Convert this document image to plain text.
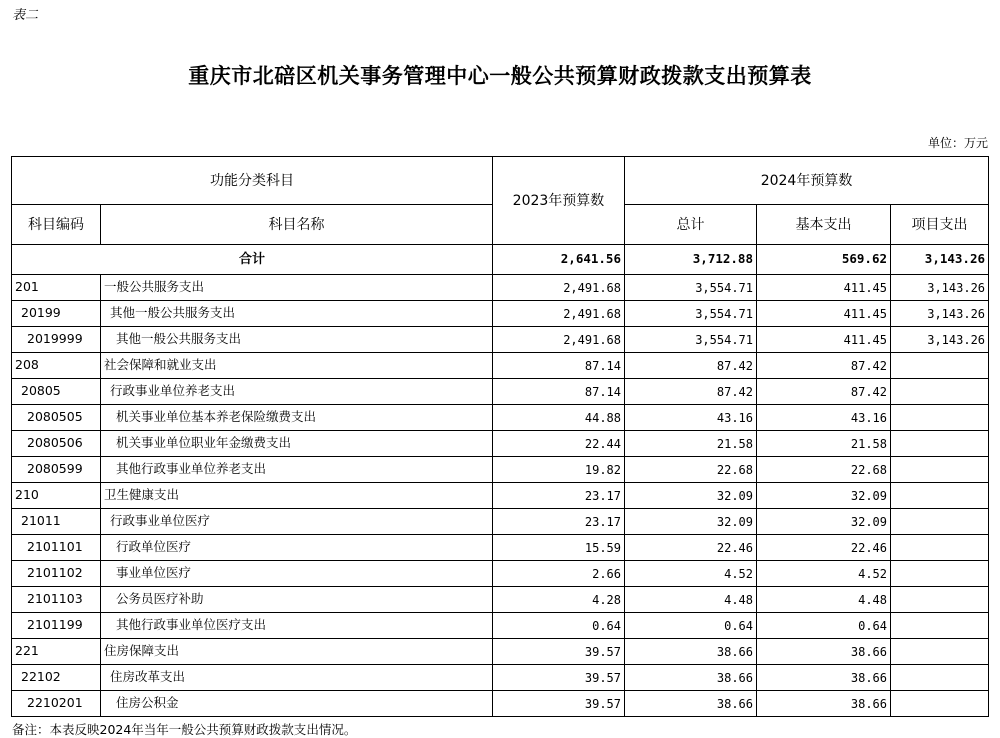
表二
重庆市北碚区机关事务管理中心一般公共预算财政拨款支出预算表
单位：万元
功能分类科目		2023年预算数	2024年预算数		
科目编码	科目名称		总计	基本支出	项目支出
合计		2,641.56	3,712.88	569.62	3,143.26
201	一般公共服务支出	2,491.68	3,554.71	411.45	3,143.26
20199	其他一般公共服务支出	2,491.68	3,554.71	411.45	3,143.26
2019999	其他一般公共服务支出	2,491.68	3,554.71	411.45	3,143.26
208	社会保障和就业支出	87.14	87.42	87.42	
20805	行政事业单位养老支出	87.14	87.42	87.42	
2080505	机关事业单位基本养老保险缴费支出	44.88	43.16	43.16	
2080506	机关事业单位职业年金缴费支出	22.44	21.58	21.58	
2080599	其他行政事业单位养老支出	19.82	22.68	22.68	
210	卫生健康支出	23.17	32.09	32.09	
21011	行政事业单位医疗	23.17	32.09	32.09	
2101101	行政单位医疗	15.59	22.46	22.46	
2101102	事业单位医疗	2.66	4.52	4.52	
2101103	公务员医疗补助	4.28	4.48	4.48	
2101199	其他行政事业单位医疗支出	0.64	0.64	0.64	
221	住房保障支出	39.57	38.66	38.66	
22102	住房改革支出	39.57	38.66	38.66	
2210201	住房公积金	39.57	38.66	38.66	
备注：本表反映2024年当年一般公共预算财政拨款支出情况。
